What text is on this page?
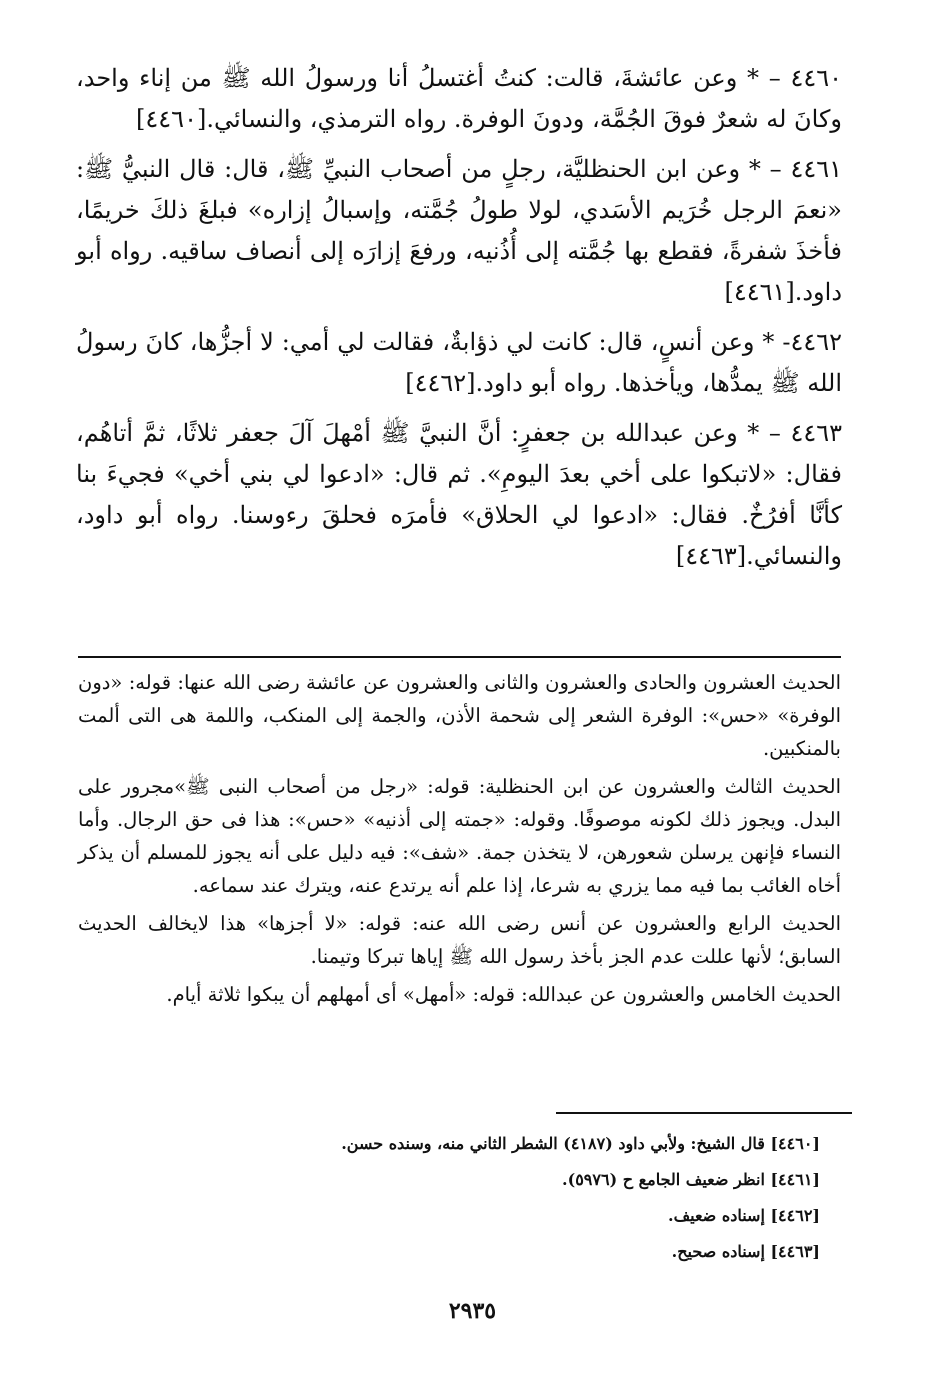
٤٤٦٠ – * وعن عائشةَ، قالت: كنتُ أغتسلُ أنا ورسولُ الله ﷺ من إناء واحد، وكانَ له شعرٌ فوقَ الجُمَّة، ودونَ الوفرة. رواه الترمذي، والنسائي.[٤٤٦٠]

٤٤٦١ – * وعن ابن الحنظليَّة، رجلٍ من أصحاب النبيِّ ﷺ، قال: قال النبيُّ ﷺ: «نعمَ الرجل خُرَيم الأسَدي، لولا طولُ جُمَّته، وإسبالُ إزاره» فبلغَ ذلكَ خريمًا، فأخذَ شفرةً، فقطع بها جُمَّته إلى أُذُنيه، ورفعَ إزارَه إلى أنصاف ساقيه. رواه أبو داود.[٤٤٦١]

٤٤٦٢- * وعن أنسٍ، قال: كانت لي ذؤابةٌ، فقالت لي أمي: لا أجزُّها، كانَ رسولُ الله ﷺ يمدُّها، ويأخذها. رواه أبو داود.[٤٤٦٢]

٤٤٦٣ – * وعن عبدالله بن جعفرٍ: أنَّ النبيَّ ﷺ أمْهلَ آلَ جعفر ثلاثًا، ثمَّ أتاهُم، فقال: «لاتبكوا على أخي بعدَ اليومِ». ثم قال: «ادعوا لي بني أخي» فجيءَ بنا كأنَّا أفرُخٌ. فقال: «ادعوا لي الحلاق» فأمرَه فحلقَ رءوسنا. رواه أبو داود، والنسائي.[٤٤٦٣]

الحديث العشرون والحادى والعشرون والثانى والعشرون عن عائشة رضى الله عنها: قوله: «دون الوفرة» «حس»: الوفرة الشعر إلى شحمة الأذن، والجمة إلى المنكب، واللمة هى التى ألمت بالمنكبين.

الحديث الثالث والعشرون عن ابن الحنظلية: قوله: «رجل من أصحاب النبى ﷺ»مجرور على البدل. ويجوز ذلك لكونه موصوفًا. وقوله: «جمته إلى أذنيه» «حس»: هذا فى حق الرجال. وأما النساء فإنهن يرسلن شعورهن، لا يتخذن جمة. «شف»: فيه دليل على أنه يجوز للمسلم أن يذكر أخاه الغائب بما فيه مما يزري به شرعا، إذا علم أنه يرتدع عنه، ويترك عند سماعه.

الحديث الرابع والعشرون عن أنس رضى الله عنه: قوله: «لا أجزها» هذا لايخالف الحديث السابق؛ لأنها عللت عدم الجز بأخذ رسول الله ﷺ إياها تبركا وتيمنا.

الحديث الخامس والعشرون عن عبدالله: قوله: «أمهل» أى أمهلهم أن يبكوا ثلاثة أيام.

[٤٤٦٠] قال الشيخ: ولأبي داود (٤١٨٧) الشطر الثاني منه، وسنده حسن.
[٤٤٦١] انظر ضعيف الجامع ح (٥٩٧٦).
[٤٤٦٢] إسناده ضعيف.
[٤٤٦٣] إسناده صحيح.
٢٩٣٥
